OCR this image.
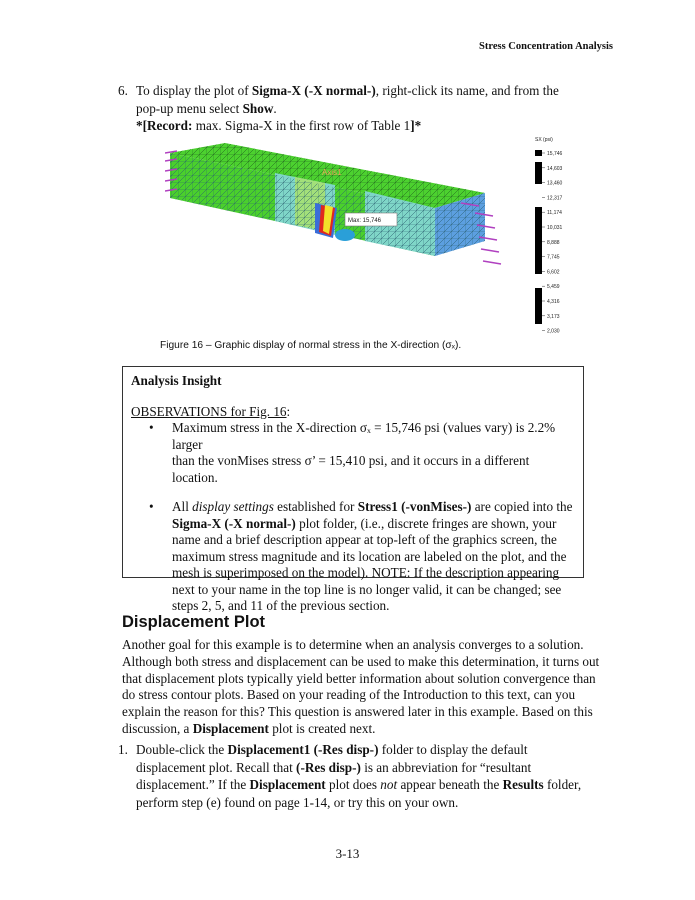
Stress Concentration Analysis
6. To display the plot of Sigma-X (-X normal-), right-click its name, and from the
pop-up menu select Show.
*[Record: max. Sigma-X in the first row of Table 1]*
Axis1
Max: 15,746
SX (psi)
15,746
14,603
13,460
12,317
11,174
10,031
8,888
7,745
6,602
5,459
4,316
3,173
2,030
Figure 16 – Graphic display of normal stress in the X-direction (σₓ).
Analysis Insight
OBSERVATIONS for Fig. 16:
• Maximum stress in the X-direction σₓ = 15,746 psi (values vary) is 2.2% larger
than the vonMises stress σ’ = 15,410 psi, and it occurs in a different location.
• All display settings established for Stress1 (-vonMises-) are copied into the Sigma-X (-X normal-) plot folder, (i.e., discrete fringes are shown, your name and a brief description appear at top-left of the graphics screen, the maximum stress magnitude and its location are labeled on the plot, and the mesh is superimposed on the model). NOTE: If the description appearing next to your name in the top line is no longer valid, it can be changed; see steps 2, 5, and 11 of the previous section.
Displacement Plot
Another goal for this example is to determine when an analysis converges to a solution. Although both stress and displacement can be used to make this determination, it turns out that displacement plots typically yield better information about solution convergence than do stress contour plots. Based on your reading of the Introduction to this text, can you explain the reason for this? This question is answered later in this example. Based on this discussion, a Displacement plot is created next.
1. Double-click the Displacement1 (-Res disp-) folder to display the default displacement plot. Recall that (-Res disp-) is an abbreviation for “resultant displacement.” If the Displacement plot does not appear beneath the Results folder, perform step (e) found on page 1-14, or try this on your own.
3-13
